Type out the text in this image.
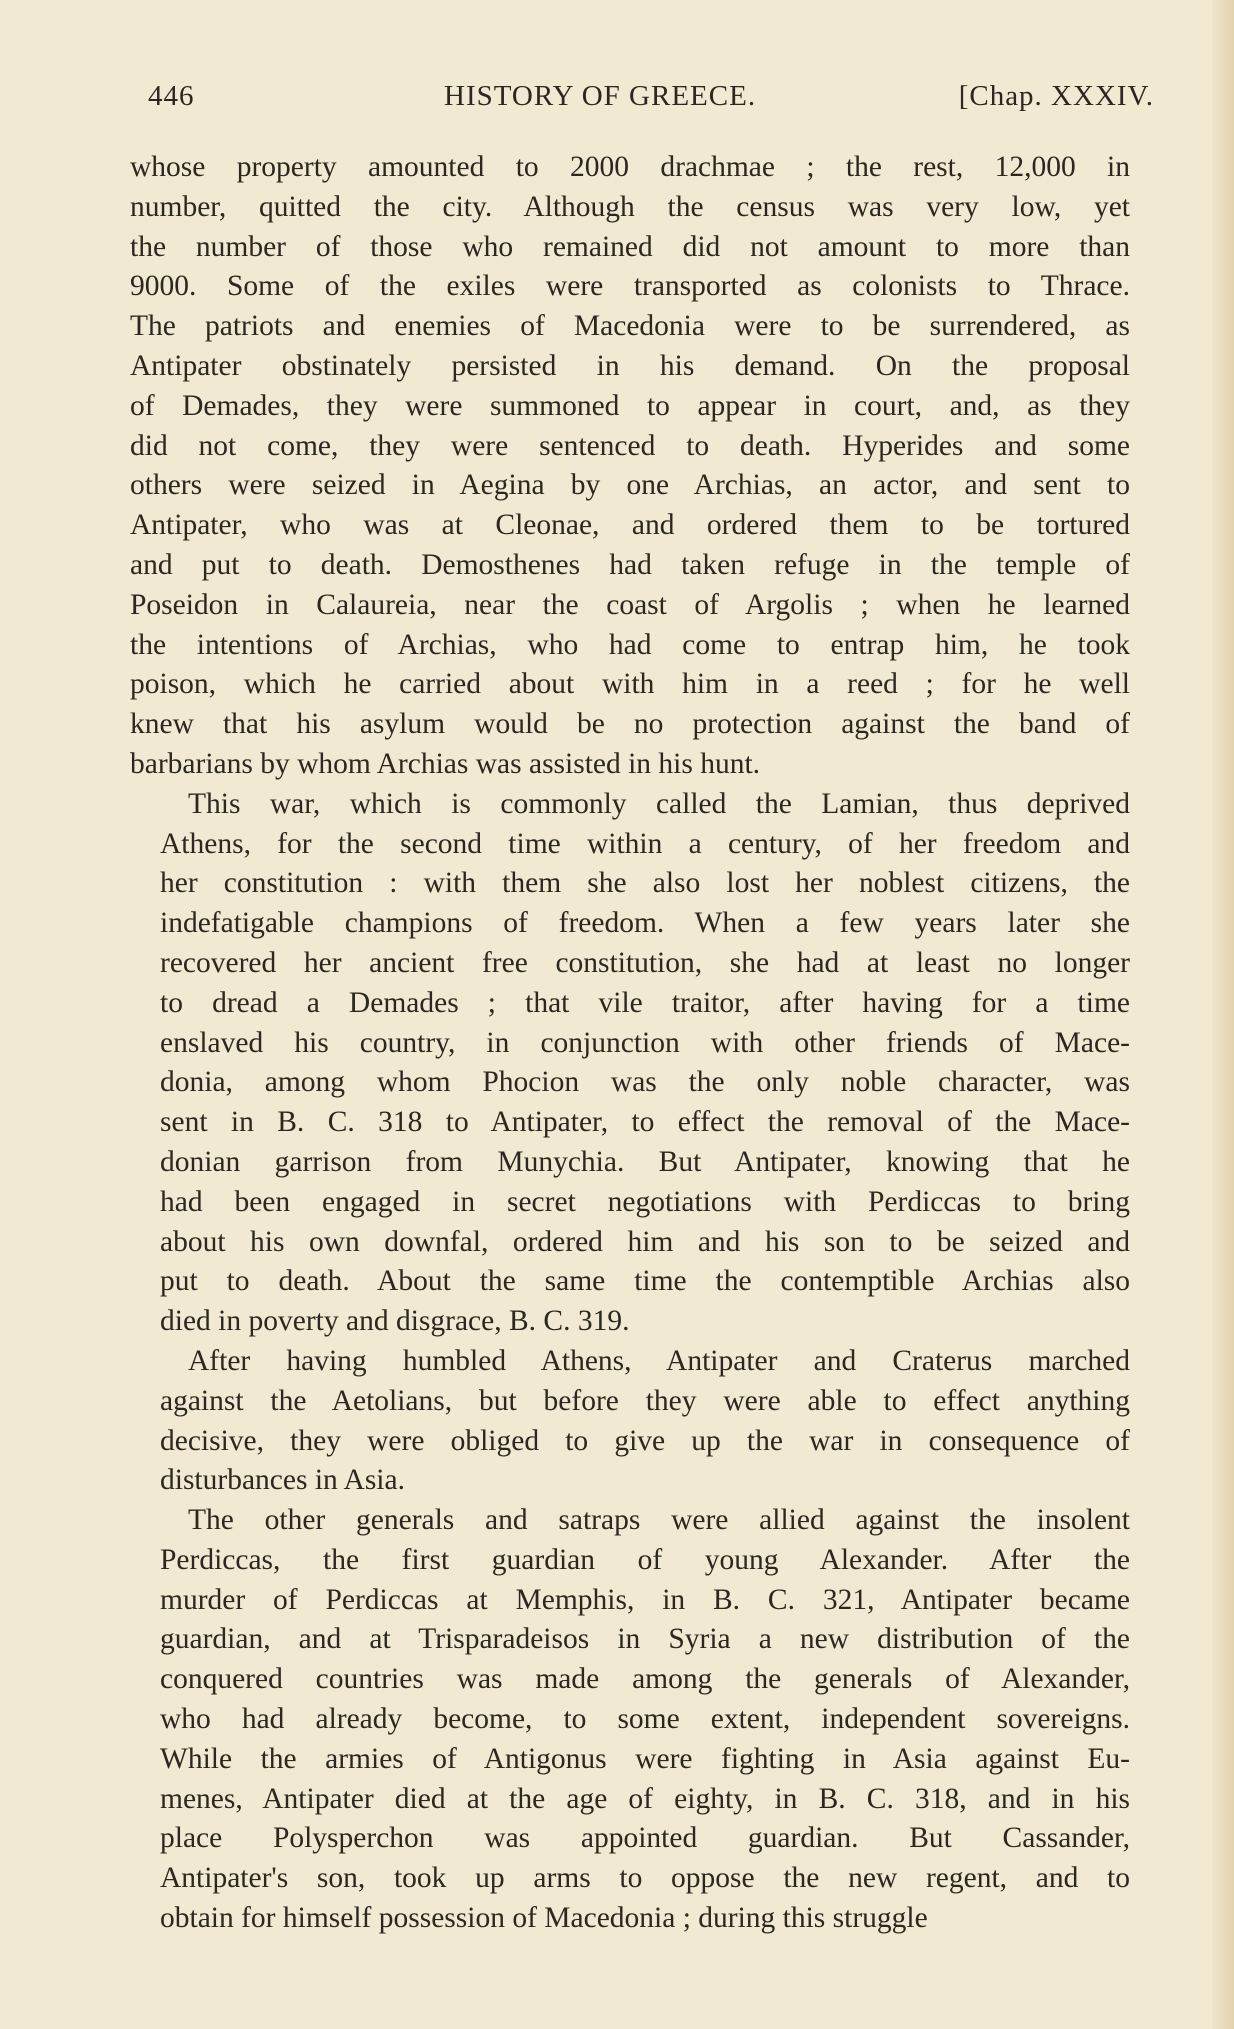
446	HISTORY OF GREECE.	[Chap. XXXIV.

whose property amounted to 2000 drachmae ; the rest, 12,000 in
number, quitted the city. Although the census was very low, yet
the number of those who remained did not amount to more than
9000. Some of the exiles were transported as colonists to Thrace.
The patriots and enemies of Macedonia were to be surrendered, as
Antipater obstinately persisted in his demand. On the proposal
of Demades, they were summoned to appear in court, and, as they
did not come, they were sentenced to death. Hyperides and some
others were seized in Aegina by one Archias, an actor, and sent to
Antipater, who was at Cleonae, and ordered them to be tortured
and put to death. Demosthenes had taken refuge in the temple of
Poseidon in Calaureia, near the coast of Argolis ; when he learned
the intentions of Archias, who had come to entrap him, he took
poison, which he carried about with him in a reed ; for he well
knew that his asylum would be no protection against the band of
barbarians by whom Archias was assisted in his hunt.

This war, which is commonly called the Lamian, thus deprived
Athens, for the second time within a century, of her freedom and
her constitution : with them she also lost her noblest citizens, the
indefatigable champions of freedom. When a few years later she
recovered her ancient free constitution, she had at least no longer
to dread a Demades ; that vile traitor, after having for a time
enslaved his country, in conjunction with other friends of Mace-
donia, among whom Phocion was the only noble character, was
sent in B. C. 318 to Antipater, to effect the removal of the Mace-
donian garrison from Munychia. But Antipater, knowing that he
had been engaged in secret negotiations with Perdiccas to bring
about his own downfal, ordered him and his son to be seized and
put to death. About the same time the contemptible Archias also
died in poverty and disgrace, B. C. 319.

After having humbled Athens, Antipater and Craterus marched
against the Aetolians, but before they were able to effect anything
decisive, they were obliged to give up the war in consequence of
disturbances in Asia.

The other generals and satraps were allied against the insolent
Perdiccas, the first guardian of young Alexander. After the
murder of Perdiccas at Memphis, in B. C. 321, Antipater became
guardian, and at Trisparadeisos in Syria a new distribution of the
conquered countries was made among the generals of Alexander,
who had already become, to some extent, independent sovereigns.
While the armies of Antigonus were fighting in Asia against Eu-
menes, Antipater died at the age of eighty, in B. C. 318, and in his
place Polysperchon was appointed guardian. But Cassander,
Antipater's son, took up arms to oppose the new regent, and to
obtain for himself possession of Macedonia ; during this struggle
